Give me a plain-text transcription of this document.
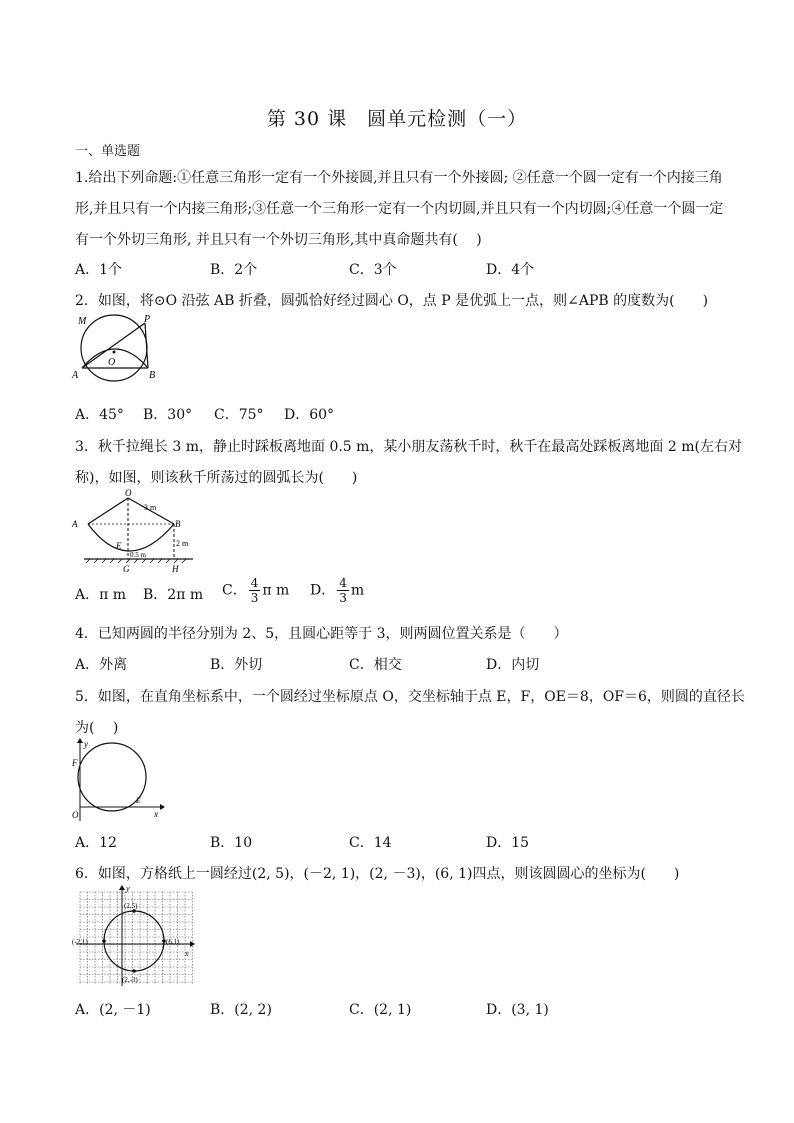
第 30 课　圆单元检测（一）
一、单选题
1.给出下列命题:①任意三角形一定有一个外接圆,并且只有一个外接圆; ②任意一个圆一定有一个内接三角
形,并且只有一个内接三角形;③任意一个三角形一定有一个内切圆,并且只有一个内切圆;④任意一个圆一定
有一个外切三角形, 并且只有一个外切三角形,其中真命题共有(　 )
A．1个	B．2个	C．3个	D．4个
2．如图，将⊙O 沿弦 AB 折叠，圆弧恰好经过圆心 O，点 P 是优弧上一点，则∠APB 的度数为(　　)
M	P
O
A	B
A．45° B．30° C．75° D．60°
3．秋千拉绳长 3 m，静止时踩板离地面 0.5 m，某小朋友荡秋千时，秋千在最高处踩板离地面 2 m(左右对
称)，如图，则该秋千所荡过的圆弧长为(　　)
O
3 m
A	B
E	2 m
0.5 m
G	H
A．π m B．2π m C． $\frac{4}{3}$ π m D． $\frac{4}{3}$ m
4．已知两圆的半径分别为 2、5，且圆心距等于 3，则两圆位置关系是（　　）
A．外离	B．外切	C．相交	D．内切
5．如图，在直角坐标系中，一个圆经过坐标原点 O，交坐标轴于点 E，F，OE＝8，OF＝6，则圆的直径长
为(　 )
y
x
F
E
O
A．12	B．10	C．14	D．15
6．如图，方格纸上一圆经过(2, 5)，(－2, 1)，(2, －3)，(6, 1)四点，则该圆圆心的坐标为(　　)
y
x
(2,5)
(-2,1)	(6,1)
(2,-3)
A．(2, －1)	B．(2, 2)	C．(2, 1)	D．(3, 1)
